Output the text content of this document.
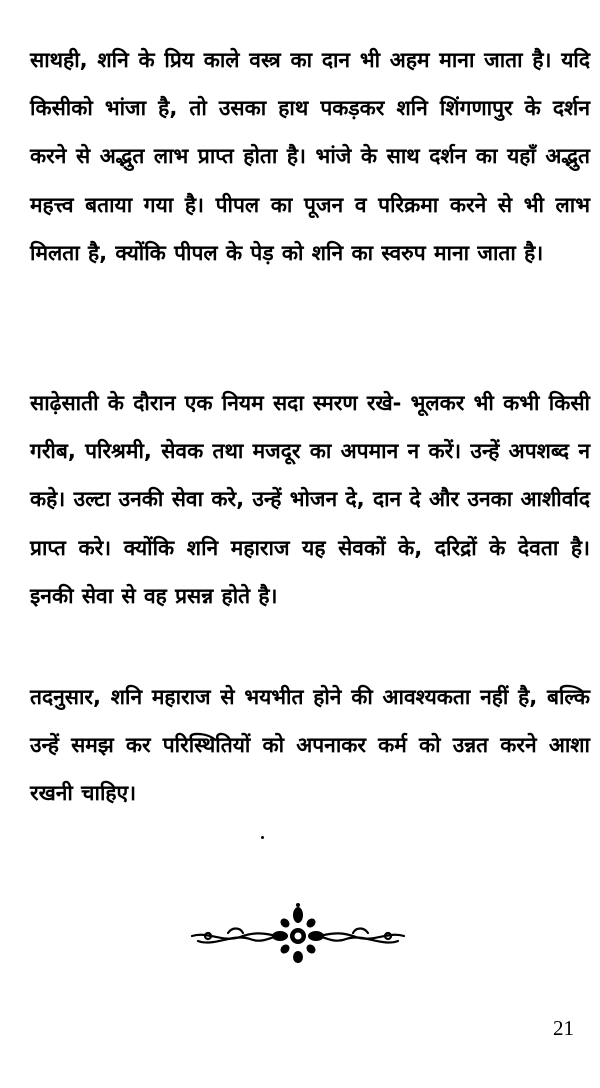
साथही, शनि के प्रिय काले वस्त्र का दान भी अहम माना जाता है। यदि किसीको भांजा है, तो उसका हाथ पकड़कर शनि शिंगणापुर के दर्शन करने से अद्भुत लाभ प्राप्त होता है। भांजे के साथ दर्शन का यहाँ अद्भुत महत्त्व बताया गया है। पीपल का पूजन व परिक्रमा करने से भी लाभ मिलता है, क्योंकि पीपल के पेड़ को शनि का स्वरुप माना जाता है।

साढ़ेसाती के दौरान एक नियम सदा स्मरण रखे- भूलकर भी कभी किसी गरीब, परिश्रमी, सेवक तथा मजदूर का अपमान न करें। उन्हें अपशब्द न कहे। उल्टा उनकी सेवा करे, उन्हें भोजन दे, दान दे और उनका आशीर्वाद प्राप्त करे। क्योंकि शनि महाराज यह सेवकों के, दरिद्रों के देवता है। इनकी सेवा से वह प्रसन्न होते है।

तदनुसार, शनि महाराज से भयभीत होने की आवश्यकता नहीं है, बल्कि उन्हें समझ कर परिस्थितियों को अपनाकर कर्म को उन्नत करने आशा रखनी चाहिए।

21
